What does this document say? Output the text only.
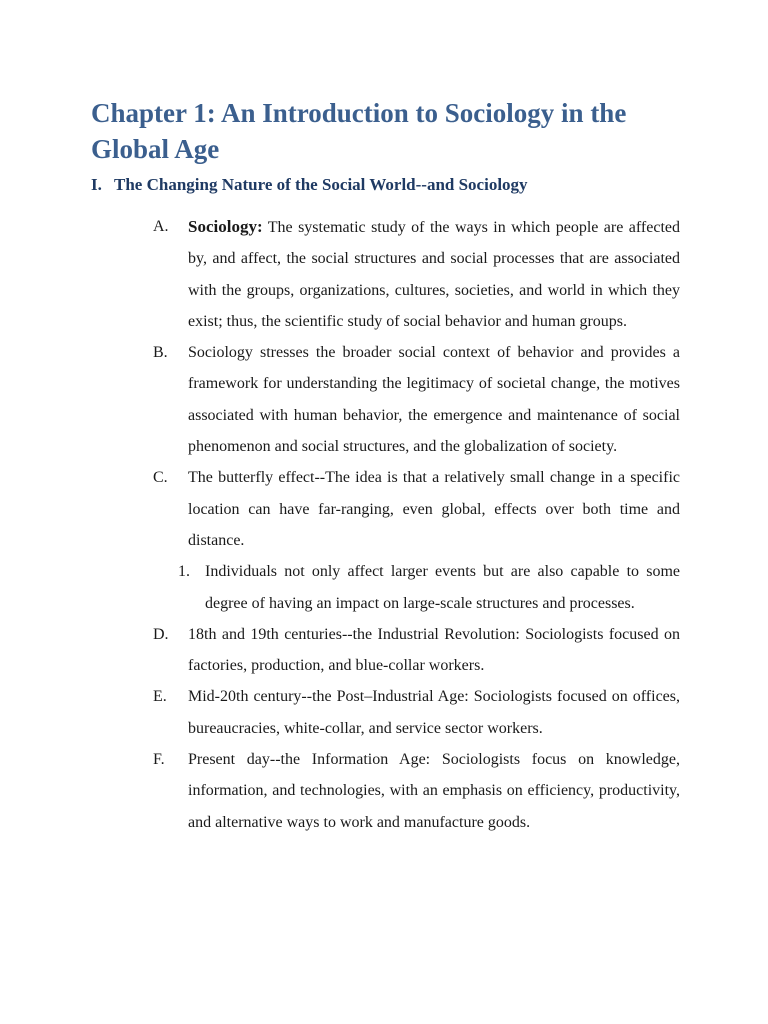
Chapter 1: An Introduction to Sociology in the Global Age
I. The Changing Nature of the Social World--and Sociology
A.	Sociology: The systematic study of the ways in which people are affected by, and affect, the social structures and social processes that are associated with the groups, organizations, cultures, societies, and world in which they exist; thus, the scientific study of social behavior and human groups.
B.	Sociology stresses the broader social context of behavior and provides a framework for understanding the legitimacy of societal change, the motives associated with human behavior, the emergence and maintenance of social phenomenon and social structures, and the globalization of society.
C.	The butterfly effect--The idea is that a relatively small change in a specific location can have far-ranging, even global, effects over both time and distance.
1. Individuals not only affect larger events but are also capable to some degree of having an impact on large-scale structures and processes.
D.	18th and 19th centuries--the Industrial Revolution: Sociologists focused on factories, production, and blue-collar workers.
E.	Mid-20th century--the Post–Industrial Age: Sociologists focused on offices, bureaucracies, white-collar, and service sector workers.
F.	Present day--the Information Age: Sociologists focus on knowledge, information, and technologies, with an emphasis on efficiency, productivity, and alternative ways to work and manufacture goods.
